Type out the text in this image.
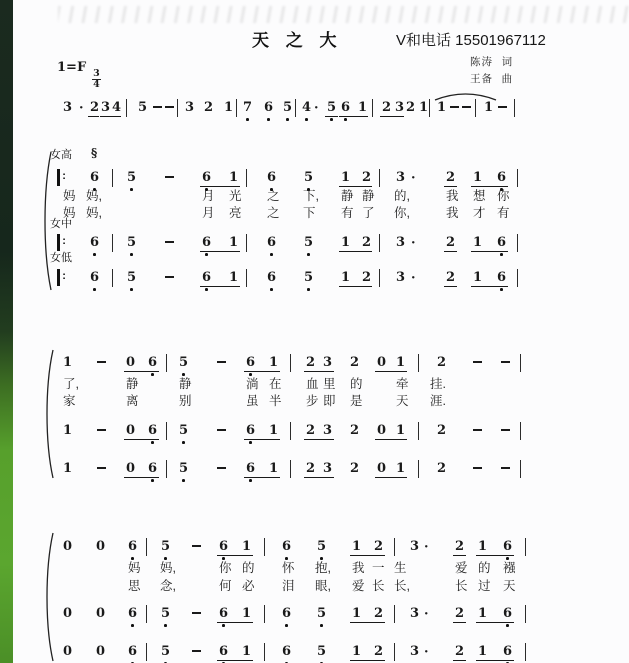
天 之 大	V和电话 15501967112
1=F
$\frac{3}{4}$
陈涛  词
王备  曲
3 · 2 3 4 5	3 2 1 7 6 5 4 · 5 6 1 2 3 2 1 1	1
女高 §
: 6 5	6 1 6 5 1 2 3 · 2 1 6
妈 妈,	月 光 之 下, 静 静 的,	我 想 你
妈 妈,	月 亮 之 下 有 了 你,	我 才 有
女中
: 6 5	6 1 6 5 1 2 3 · 2 1 6
女低
: 6 5	6 1 6 5 1 2 3 · 2 1 6
1	0 6 5	6 1 2 3 2 0 1 2
了,	静	静	淌 在 血 里 的	牵 挂.
家	离	别	虽 半 步 即 是	天 涯.
1	0 6 5	6 1 2 3 2 0 1 2
1	0 6 5	6 1 2 3 2 0 1 2
0 0 6 5	6 1 6 5 1 2 3 · 2 1 6
妈 妈,	你 的 怀 抱, 我 一 生	爱 的 襁
思 念,	何 必 泪 眼, 爱 长 长,	长 过 天
0 0 6 5	6 1 6 5 1 2 3 · 2 1 6
0 0 6 5	6 1 6 5 1 2 3 · 2 1 6
